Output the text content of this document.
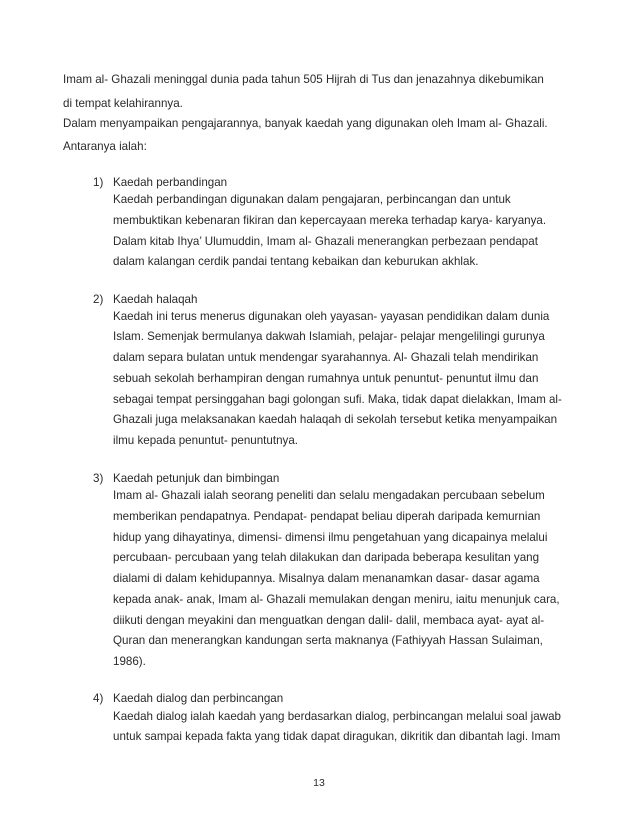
Imam al- Ghazali meninggal dunia pada tahun 505 Hijrah di Tus dan jenazahnya dikebumikan
di tempat kelahirannya.
Dalam menyampaikan pengajarannya, banyak kaedah yang digunakan oleh Imam al- Ghazali.
Antaranya ialah:
1) Kaedah perbandingan
Kaedah perbandingan digunakan dalam pengajaran, perbincangan dan untuk
membuktikan kebenaran fikiran dan kepercayaan mereka terhadap karya- karyanya.
Dalam kitab Ihya’ Ulumuddin, Imam al- Ghazali menerangkan perbezaan pendapat
dalam kalangan cerdik pandai tentang kebaikan dan keburukan akhlak.
2) Kaedah halaqah
Kaedah ini terus menerus digunakan oleh yayasan- yayasan pendidikan dalam dunia
Islam. Semenjak bermulanya dakwah Islamiah, pelajar- pelajar mengelilingi gurunya
dalam separa bulatan untuk mendengar syarahannya. Al- Ghazali telah mendirikan
sebuah sekolah berhampiran dengan rumahnya untuk penuntut- penuntut ilmu dan
sebagai tempat persinggahan bagi golongan sufi. Maka, tidak dapat dielakkan, Imam al-
Ghazali juga melaksanakan kaedah halaqah di sekolah tersebut ketika menyampaikan
ilmu kepada penuntut- penuntutnya.
3) Kaedah petunjuk dan bimbingan
Imam al- Ghazali ialah seorang peneliti dan selalu mengadakan percubaan sebelum
memberikan pendapatnya. Pendapat- pendapat beliau diperah daripada kemurnian
hidup yang dihayatinya, dimensi- dimensi ilmu pengetahuan yang dicapainya melalui
percubaan- percubaan yang telah dilakukan dan daripada beberapa kesulitan yang
dialami di dalam kehidupannya. Misalnya dalam menanamkan dasar- dasar agama
kepada anak- anak, Imam al- Ghazali memulakan dengan meniru, iaitu menunjuk cara,
diikuti dengan meyakini dan menguatkan dengan dalil- dalil, membaca ayat- ayat al-
Quran dan menerangkan kandungan serta maknanya (Fathiyyah Hassan Sulaiman,
1986).
4) Kaedah dialog dan perbincangan
Kaedah dialog ialah kaedah yang berdasarkan dialog, perbincangan melalui soal jawab
untuk sampai kepada fakta yang tidak dapat diragukan, dikritik dan dibantah lagi. Imam
13
